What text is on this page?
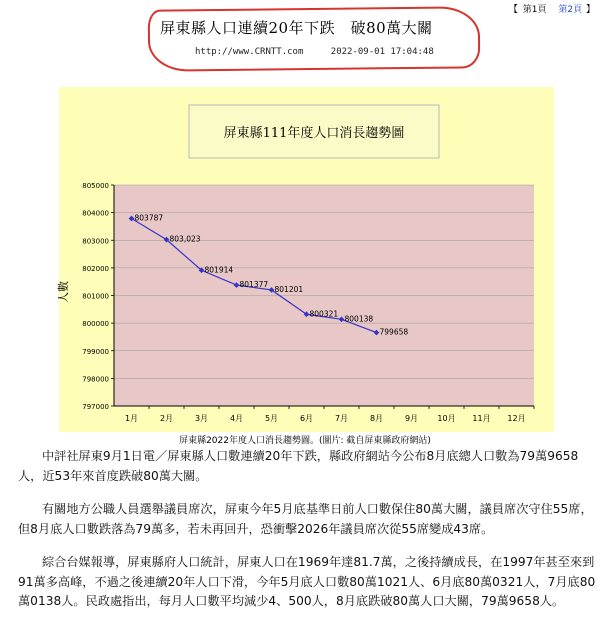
【 第1頁 第2頁 】
屏東縣人口連續20年下跌　破80萬大關
http://www.CRNTT.com	2022-09-01 17:04:48
屏東縣111年度人口消長趨勢圖
人數
797000
798000
799000
800000
801000
802000
803000
804000
805000
1月	2月	3月	4月	5月	6月	7月	8月	9月 10月 11月 12月
803787
803,023
801914
801377
801201
800321
800138
799658
屏東縣2022年度人口消長趨勢圖。(圖片: 截自屏東縣政府網站)

中評社屏東9月1日電／屏東縣人口數連續20年下跌，縣政府網站今公布8月底總人口數為79萬9658人，近53年來首度跌破80萬大關。

有關地方公職人員選舉議員席次，屏東今年5月底基準日前人口數保住80萬大關，議員席次守住55席，但8月底人口數跌落為79萬多，若未再回升，恐衝擊2026年議員席次從55席變成43席。

綜合台媒報導，屏東縣府人口統計，屏東人口在1969年達81.7萬，之後持續成長，在1997年甚至來到91萬多高峰，不過之後連續20年人口下滑，今年5月底人口數80萬1021人、6月底80萬0321人，7月底80萬0138人。民政處指出，每月人口數平均減少4、500人，8月底跌破80萬人口大關，79萬9658人。
